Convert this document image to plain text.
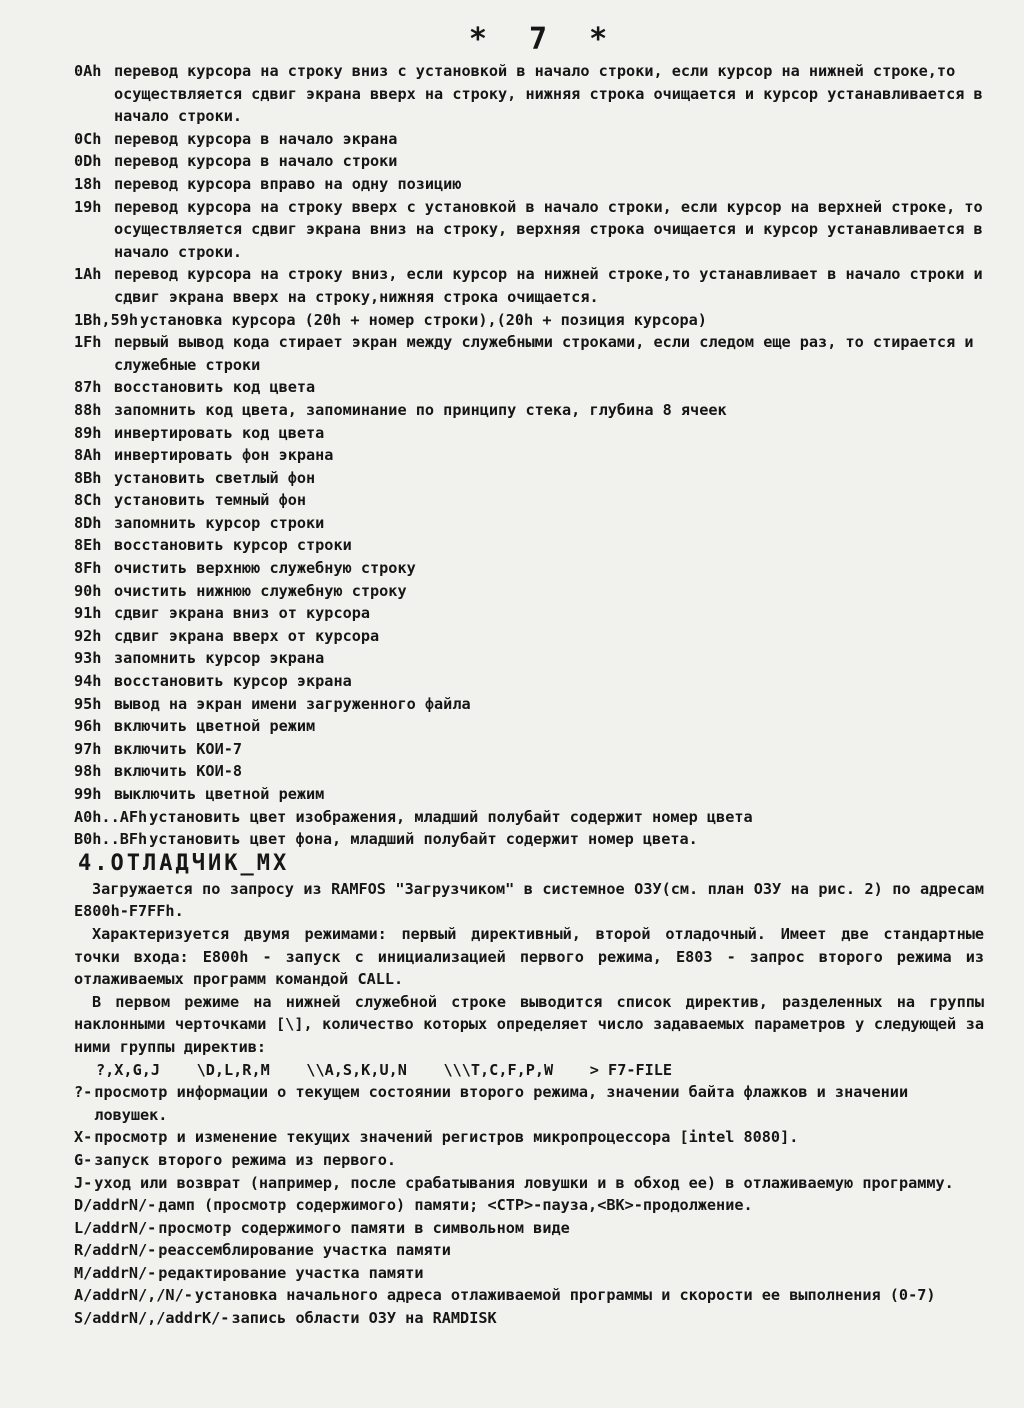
* 7 *
0Ah перевод курсора на строку вниз с установкой в начало строки, если курсор на нижней строке,то осуществляется сдвиг экрана вверх на строку, нижняя строка очищается и курсор устанавливается в начало строки.
0Ch перевод курсора в начало экрана
0Dh перевод курсора в начало строки
18h перевод курсора вправо на одну позицию
19h перевод курсора на строку вверх с установкой в начало строки, если курсор на верхней строке, то осуществляется сдвиг экрана вниз на строку, верхняя строка очищается и курсор устанавливается в начало строки.
1Ah перевод курсора на строку вниз, если курсор на нижней строке,то устанавливает в начало строки и сдвиг экрана вверх на строку,нижняя строка очищается.
1Bh,59h установка курсора (20h + номер строки),(20h + позиция курсора)
1Fh первый вывод кода стирает экран между служебными строками, если следом еще раз, то стирается и служебные строки
87h восстановить код цвета
88h запомнить код цвета, запоминание по принципу стека, глубина 8 ячеек
89h инвертировать код цвета
8Ah инвертировать фон экрана
8Bh установить светлый фон
8Ch установить темный фон
8Dh запомнить курсор строки
8Eh восстановить курсор строки
8Fh очистить верхнюю служебную строку
90h очистить нижнюю служебную строку
91h сдвиг экрана вниз от курсора
92h сдвиг экрана вверх от курсора
93h запомнить курсор экрана
94h восстановить курсор экрана
95h вывод на экран имени загруженного файла
96h включить цветной режим
97h включить КОИ-7
98h включить КОИ-8
99h выключить цветной режим
A0h..AFh установить цвет изображения, младший полубайт содержит номер цвета
B0h..BFh установить цвет фона, младший полубайт содержит номер цвета.
4.ОТЛАДЧИК_МХ
Загружается по запросу из RAMFOS "Загрузчиком" в системное ОЗУ(см. план ОЗУ на рис. 2) по адресам E800h-F7FFh.
Характеризуется двумя режимами: первый директивный, второй отладочный. Имеет две стандартные точки входа: E800h - запуск с инициализацией первого режима, E803 - запрос второго режима из отлаживаемых программ командой CALL.
В первом режиме на нижней служебной строке выводится список директив, разделенных на группы наклонными черточками [\], количество которых определяет число задаваемых параметров у следующей за ними группы директив:
?,X,G,J    \D,L,R,M    \\A,S,K,U,N    \\\T,C,F,P,W    > F7-FILE
?- просмотр информации о текущем состоянии второго режима, значении байта флажков и значении ловушек.
X- просмотр и изменение текущих значений регистров микропроцессора [intel 8080].
G- запуск второго режима из первого.
J- уход или возврат (например, после срабатывания ловушки и в обход ее) в отлаживаемую программу.
D/addrN/- дамп (просмотр содержимого) памяти; <СТР>-пауза,<ВК>-продолжение.
L/addrN/- просмотр содержимого памяти в символьном виде
R/addrN/- реассемблирование участка памяти
M/addrN/- редактирование участка памяти
A/addrN/,/N/- установка начального адреса отлаживаемой программы и скорости ее выполнения (0-7)
S/addrN/,/addrK/- запись области ОЗУ на RAMDISK
